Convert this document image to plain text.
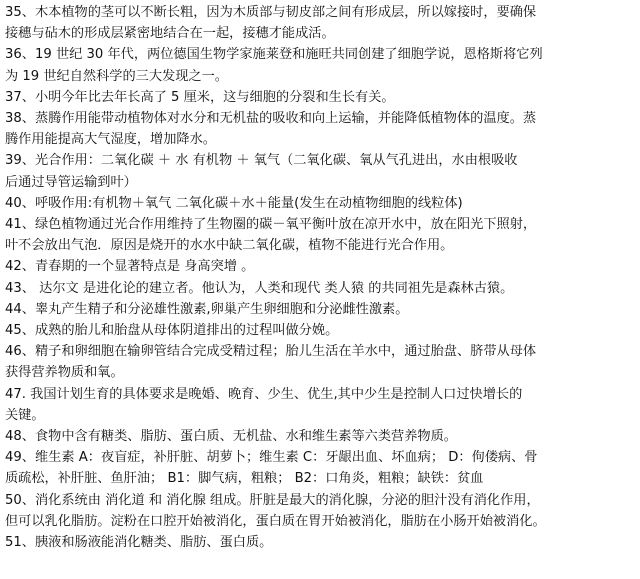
35、木本植物的茎可以不断长粗，因为木质部与韧皮部之间有形成层，所以嫁接时，要确保
接穗与砧木的形成层紧密地结合在一起，接穗才能成活。

36、19 世纪 30 年代，两位德国生物学家施莱登和施旺共同创建了细胞学说，恩格斯将它列
为 19 世纪自然科学的三大发现之一。

37、小明今年比去年长高了 5 厘米，这与细胞的分裂和生长有关。

38、蒸腾作用能带动植物体对水分和无机盐的吸收和向上运输，并能降低植物体的温度。蒸
腾作用能提高大气湿度，增加降水。

39、光合作用：二氧化碳 ＋ 水 有机物 ＋ 氧气（二氧化碳、氧从气孔进出，水由根吸收
后通过导管运输到叶）

40、呼吸作用:有机物＋氧气 二氧化碳＋水＋能量(发生在动植物细胞的线粒体)

41、绿色植物通过光合作用维持了生物圈的碳－氧平衡叶放在凉开水中，放在阳光下照射，
叶不会放出气泡．原因是烧开的水水中缺二氧化碳，植物不能进行光合作用。

42、青春期的一个显著特点是 身高突增 。

43、 达尔文 是进化论的建立者。他认为，人类和现代 类人猿 的共同祖先是森林古猿。

44、睾丸产生精子和分泌雄性激素,卵巢产生卵细胞和分泌雌性激素。

45、成熟的胎儿和胎盘从母体阴道排出的过程叫做分娩。

46、精子和卵细胞在输卵管结合完成受精过程；胎儿生活在羊水中，通过胎盘、脐带从母体
获得营养物质和氧。

47. 我国计划生育的具体要求是晚婚、晚育、少生、优生,其中少生是控制人口过快增长的
关键。

48、食物中含有糖类、脂肪、蛋白质、无机盐、水和维生素等六类营养物质。

49、维生素 A：夜盲症，补肝脏、胡萝卜；维生素 C：牙龈出血、坏血病； D：佝偻病、骨
质疏松，补肝脏、鱼肝油； B1：脚气病，粗粮； B2：口角炎，粗粮；缺铁：贫血

50、消化系统由 消化道 和 消化腺 组成。肝脏是最大的消化腺，分泌的胆汁没有消化作用，
但可以乳化脂肪。淀粉在口腔开始被消化，蛋白质在胃开始被消化，脂肪在小肠开始被消化。

51、胰液和肠液能消化糖类、脂肪、蛋白质。
